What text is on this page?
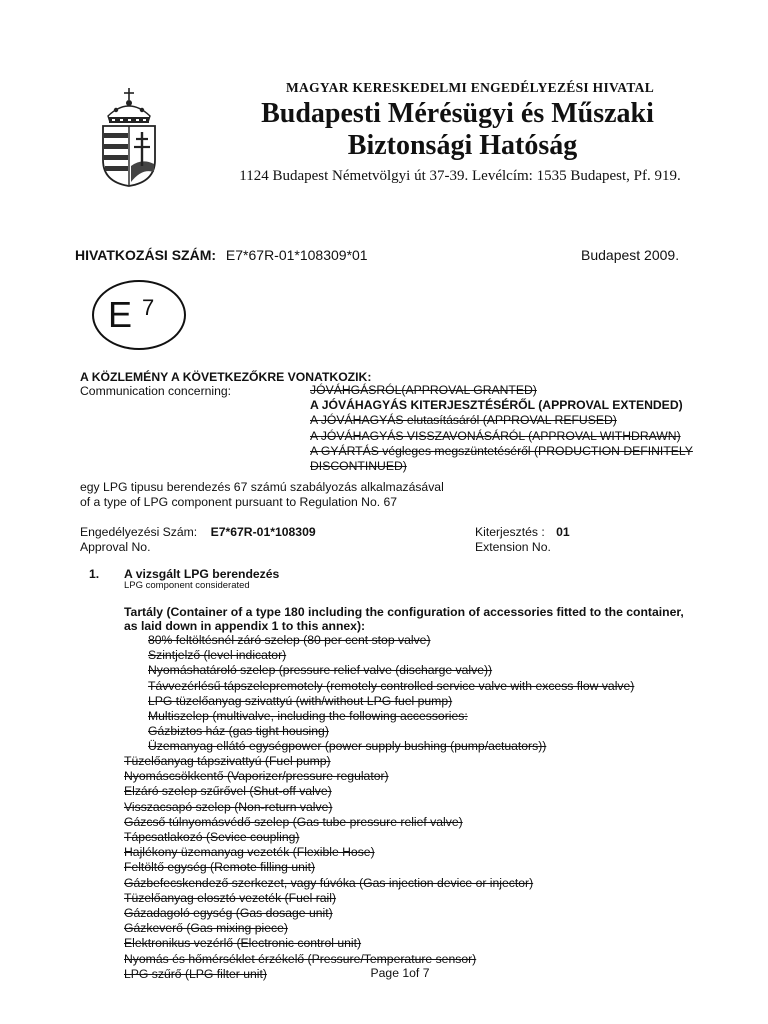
MAGYAR KERESKEDELMI ENGEDÉLYEZÉSI HIVATAL
Budapesti Mérésügyi és Műszaki
Biztonsági Hatóság
1124 Budapest Németvölgyi út 37-39. Levélcím: 1535 Budapest, Pf. 919.
HIVATKOZÁSI SZÁM: E7*67R-01*108309*01	Budapest 2009.
E 7
A KÖZLEMÉNY A KÖVETKEZŐKRE VONATKOZIK:
Communication concerning:	JÓVÁHGÁSRÓL(APPROVAL GRANTED)
A JÓVÁHAGYÁS KITERJESZTÉSÉRŐL (APPROVAL EXTENDED)
A JÓVÁHAGYÁS elutasításáról (APPROVAL REFUSED)
A JÓVÁHAGYÁS VISSZAVONÁSÁRÓL (APPROVAL WITHDRAWN)
A GYÁRTÁS végleges megszüntetéséről (PRODUCTION DEFINITELY
DISCONTINUED)
egy LPG tipusu berendezés 67 számú szabályozás alkalmazásával
of a type of LPG component pursuant to Regulation No. 67
Engedélyezési Szám: E7*67R-01*108309
Approval No.
Kiterjesztés : 01
Extension No.
1. A vizsgált LPG berendezés
LPG component considerated
Tartály (Container of a type 180 including the configuration of accessories fitted to the container,
as laid down in appendix 1 to this annex):
80% feltöltésnél záró szelep (80 per cent stop valve)
Szintjelző (level indicator)
Nyomáshatároló szelep (pressure relief valve (discharge valve))
Távvezérlésű tápszelepremotely (remotely controlled service valve with excess flow valve)
LPG tüzelőanyag szivattyú (with/without LPG fuel pump)
Multiszelep (multivalve, including the following accessories:
Gázbiztos ház (gas tight housing)
Üzemanyag ellátó egységpower (power supply bushing (pump/actuators))
Tüzelőanyag tápszivattyú (Fuel pump)
Nyomáscsökkentő (Vaporizer/pressure regulator)
Elzáró szelep szűrővel (Shut-off valve)
Visszacsapó szelep (Non-return valve)
Gázcső túlnyomásvédő szelep (Gas tube pressure relief valve)
Tápcsatlakozó (Sevice coupling)
Hajlékony üzemanyag vezeték (Flexible Hose)
Feltöltő egység (Remote filling unit)
Gázbefecskendező szerkezet, vagy fúvóka (Gas injection device or injector)
Tüzelőanyag elosztó vezeték (Fuel rail)
Gázadagoló egység (Gas dosage unit)
Gázkeverő (Gas mixing piece)
Elektronikus vezérlő (Electronic control unit)
Nyomás és hőmérséklet érzékelő (Pressure/Temperature sensor)
LPG szűrő (LPG filter unit)	Page 1of 7
